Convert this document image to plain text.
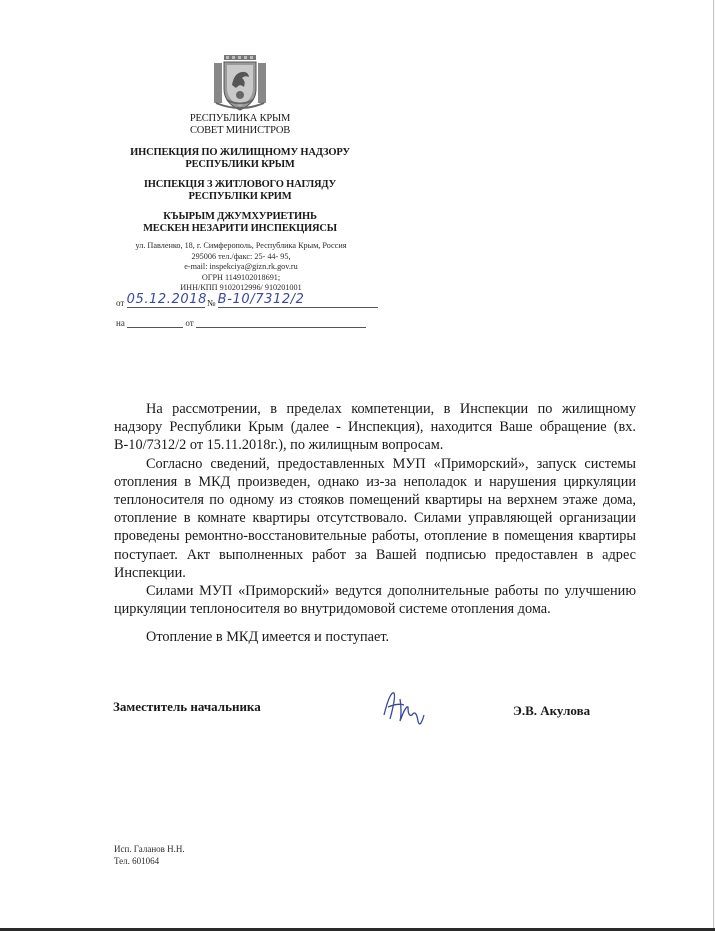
РЕСПУБЛИКА КРЫМ
СОВЕТ МИНИСТРОВ
ИНСПЕКЦИЯ ПО ЖИЛИЩНОМУ НАДЗОРУ
РЕСПУБЛИКИ КРЫМ
ІНСПЕКЦІЯ З ЖИТЛОВОГО НАГЛЯДУ
РЕСПУБЛІКИ КРИМ
КЪЫРЫМ ДЖУМХУРИЕТИНЬ
МЕСКЕН НЕЗАРИТИ ИНСПЕКЦИЯСЫ
ул. Павленко, 18, г. Симферополь, Республика Крым, Россия
295006 тел./факс: 25- 44- 95,
e-mail: inspekciya@gizn.rk.gov.ru
ОГРН 1149102018691;
ИНН/КПП 9102012996/ 910201001
от 05.12.2018 № В-10/7312/2
на	от

На рассмотрении, в пределах компетенции, в Инспекции по жилищному надзору Республики Крым (далее - Инспекция), находится Ваше обращение (вх. В-10/7312/2 от 15.11.2018г.), по жилищным вопросам.

Согласно сведений, предоставленных МУП «Приморский», запуск системы отопления в МКД произведен, однако из-за неполадок и нарушения циркуляции теплоносителя по одному из стояков помещений квартиры на верхнем этаже дома, отопление в комнате квартиры отсутствовало. Силами управляющей организации проведены ремонтно-восстановительные работы, отопление в помещения квартиры поступает. Акт выполненных работ за Вашей подписью предоставлен в адрес Инспекции.

Силами МУП «Приморский» ведутся дополнительные работы по улучшению циркуляции теплоносителя во внутридомовой системе отопления дома.

Отопление в МКД имеется и поступает.

Заместитель начальника	Э.В. Акулова
Исп. Галанов Н.Н.
Тел. 601064
